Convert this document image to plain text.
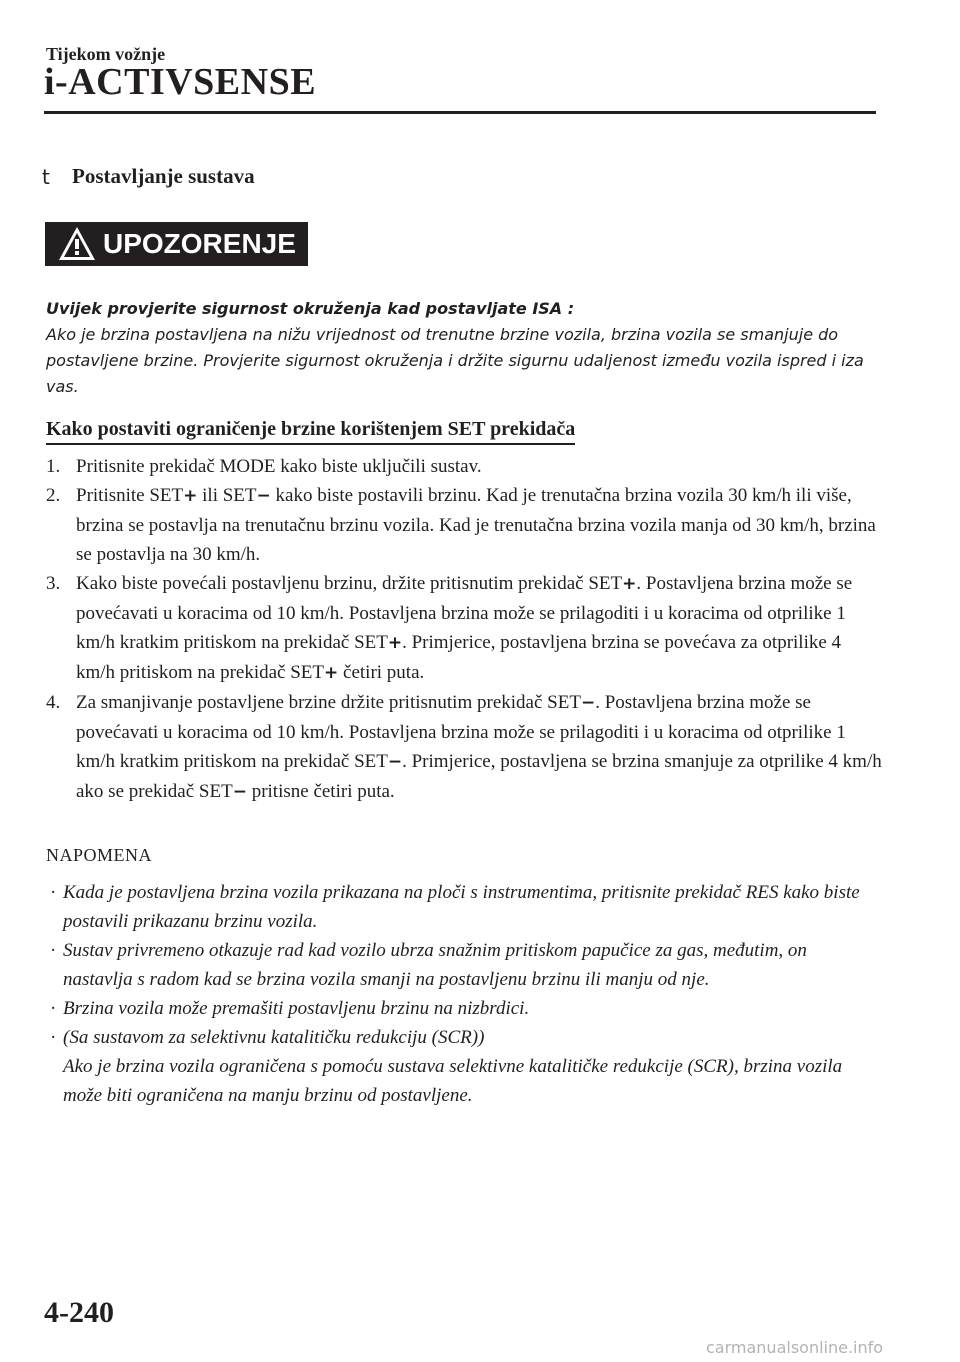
Tijekom vožnje
i-ACTIVSENSE
t	Postavljanje sustava
UPOZORENJE
Uvijek provjerite sigurnost okruženja kad postavljate ISA :
Ako je brzina postavljena na nižu vrijednost od trenutne brzine vozila, brzina vozila se smanjuje do postavljene brzine. Provjerite sigurnost okruženja i držite sigurnu udaljenost između vozila ispred i iza vas.
Kako postaviti ograničenje brzine korištenjem SET prekidača
1. Pritisnite prekidač MODE kako biste uključili sustav.
2. Pritisnite SET+ ili SET− kako biste postavili brzinu. Kad je trenutačna brzina vozila 30 km/h ili više, brzina se postavlja na trenutačnu brzinu vozila. Kad je trenutačna brzina vozila manja od 30 km/h, brzina se postavlja na 30 km/h.
3. Kako biste povećali postavljenu brzinu, držite pritisnutim prekidač SET+. Postavljena brzina može se povećavati u koracima od 10 km/h. Postavljena brzina može se prilagoditi i u koracima od otprilike 1 km/h kratkim pritiskom na prekidač SET+. Primjerice, postavljena brzina se povećava za otprilike 4 km/h pritiskom na prekidač SET+ četiri puta.
4. Za smanjivanje postavljene brzine držite pritisnutim prekidač SET−. Postavljena brzina može se povećavati u koracima od 10 km/h. Postavljena brzina može se prilagoditi i u koracima od otprilike 1 km/h kratkim pritiskom na prekidač SET−. Primjerice, postavljena se brzina smanjuje za otprilike 4 km/h ako se prekidač SET− pritisne četiri puta.
NAPOMENA
· Kada je postavljena brzina vozila prikazana na ploči s instrumentima, pritisnite prekidač RES kako biste postavili prikazanu brzinu vozila.
· Sustav privremeno otkazuje rad kad vozilo ubrza snažnim pritiskom papučice za gas, međutim, on nastavlja s radom kad se brzina vozila smanji na postavljenu brzinu ili manju od nje.
· Brzina vozila može premašiti postavljenu brzinu na nizbrdici.
· (Sa sustavom za selektivnu katalitičku redukciju (SCR))
Ako je brzina vozila ograničena s pomoću sustava selektivne katalitičke redukcije (SCR), brzina vozila može biti ograničena na manju brzinu od postavljene.
4-240
carmanualsonline.info
